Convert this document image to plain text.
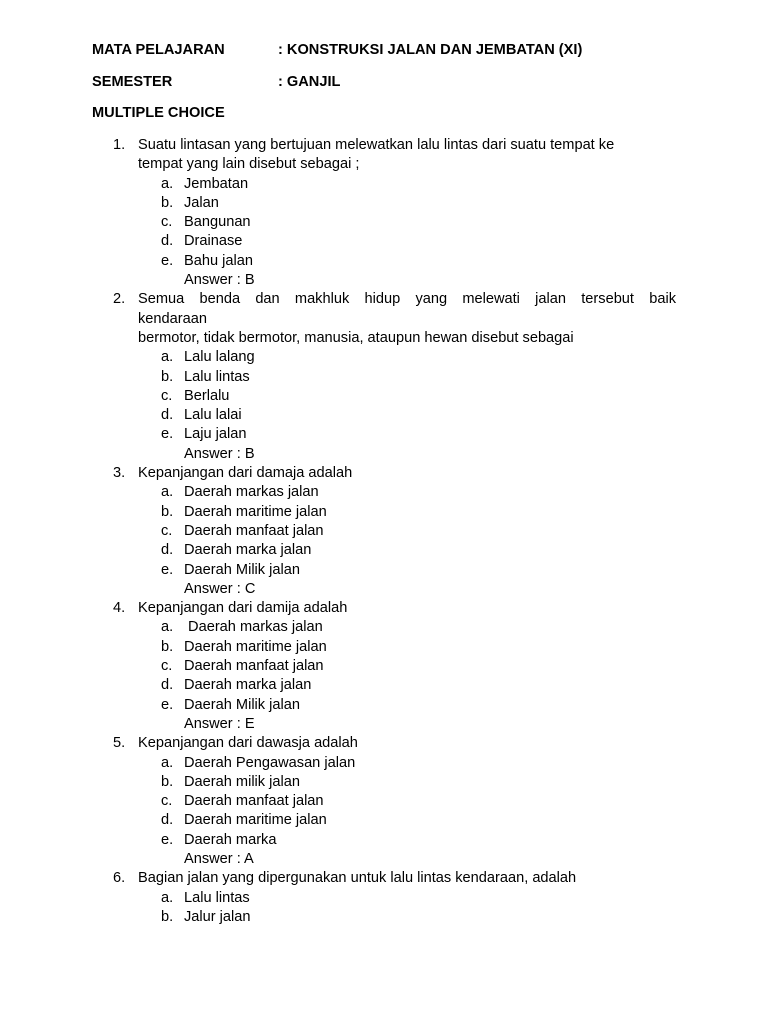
MATA PELAJARAN	: KONSTRUKSI JALAN DAN JEMBATAN (XI)
SEMESTER	: GANJIL
MULTIPLE CHOICE
1. Suatu lintasan yang bertujuan melewatkan lalu lintas dari suatu tempat ke
tempat yang lain disebut sebagai ;
a. Jembatan
b. Jalan
c. Bangunan
d. Drainase
e. Bahu jalan
Answer : B
2. Semua benda dan makhluk hidup yang melewati jalan tersebut baik
kendaraan
bermotor, tidak bermotor, manusia, ataupun hewan disebut sebagai
a. Lalu lalang
b. Lalu lintas
c. Berlalu
d. Lalu lalai
e. Laju jalan
Answer : B
3. Kepanjangan dari damaja adalah
a. Daerah markas jalan
b. Daerah maritime jalan
c. Daerah manfaat jalan
d. Daerah marka jalan
e. Daerah Milik jalan
Answer : C
4. Kepanjangan dari damija adalah
a. Daerah markas jalan
b. Daerah maritime jalan
c. Daerah manfaat jalan
d. Daerah marka jalan
e. Daerah Milik jalan
Answer : E
5. Kepanjangan dari dawasja adalah
a. Daerah Pengawasan jalan
b. Daerah milik jalan
c. Daerah manfaat jalan
d. Daerah maritime jalan
e. Daerah marka
Answer : A
6. Bagian jalan yang dipergunakan untuk lalu lintas kendaraan, adalah
a. Lalu lintas
b. Jalur jalan
